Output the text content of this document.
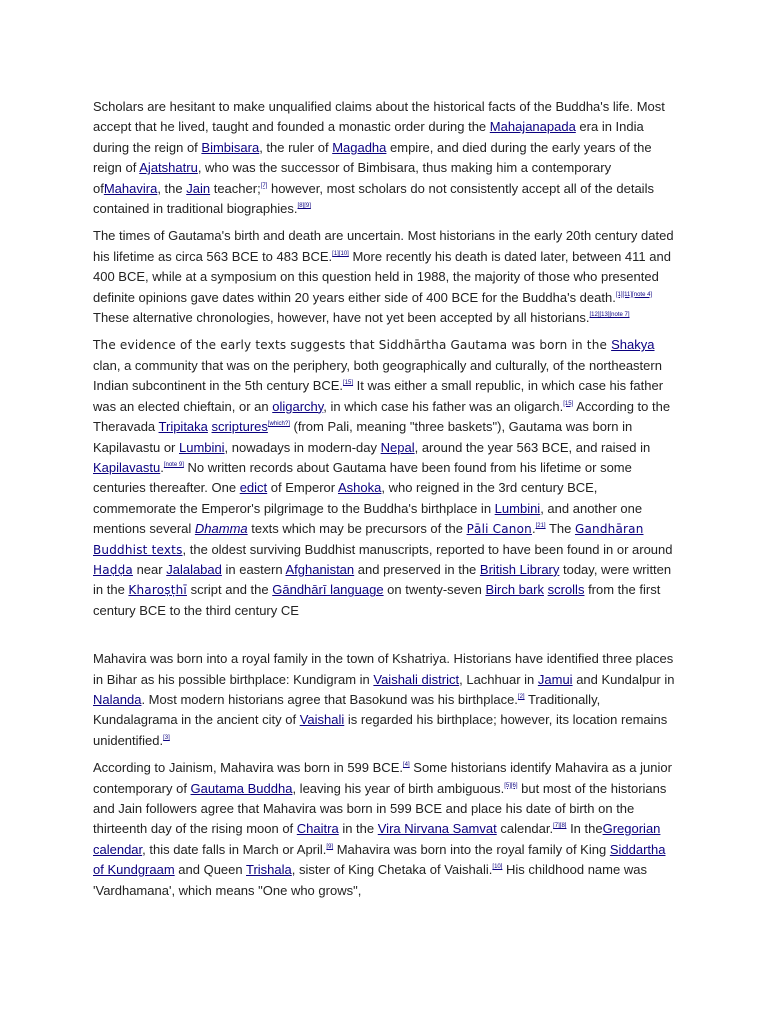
Scholars are hesitant to make unqualified claims about the historical facts of the Buddha's life. Most accept that he lived, taught and founded a monastic order during the Mahajanapada era in India during the reign of Bimbisara, the ruler of Magadha empire, and died during the early years of the reign of Ajatshatru, who was the successor of Bimbisara, thus making him a contemporary ofMahavira, the Jain teacher;[7] however, most scholars do not consistently accept all of the details contained in traditional biographies.[8][9]

The times of Gautama's birth and death are uncertain. Most historians in the early 20th century dated his lifetime as circa 563 BCE to 483 BCE.[1][10] More recently his death is dated later, between 411 and 400 BCE, while at a symposium on this question held in 1988, the majority of those who presented definite opinions gave dates within 20 years either side of 400 BCE for the Buddha's death.[1][11][note 4] These alternative chronologies, however, have not yet been accepted by all historians.[12][13][note 7]

The evidence of the early texts suggests that Siddhārtha Gautama was born in the Shakya clan, a community that was on the periphery, both geographically and culturally, of the northeastern Indian subcontinent in the 5th century BCE.[15] It was either a small republic, in which case his father was an elected chieftain, or an oligarchy, in which case his father was an oligarch.[15] According to the Theravada Tripitaka scriptures[which?] (from Pali, meaning "three baskets"), Gautama was born in Kapilavastu or Lumbini, nowadays in modern-day Nepal, around the year 563 BCE, and raised in Kapilavastu.[note 9] No written records about Gautama have been found from his lifetime or some centuries thereafter. One edict of Emperor Ashoka, who reigned in the 3rd century BCE, commemorate the Emperor's pilgrimage to the Buddha's birthplace in Lumbini, and another one mentions several Dhamma texts which may be precursors of the Pāli Canon.[21] The Gandhāran Buddhist texts, the oldest surviving Buddhist manuscripts, reported to have been found in or around Haḍḍa near Jalalabad in eastern Afghanistan and preserved in the British Library today, were written in the Kharoṣṭhī script and the Gāndhārī language on twenty-seven Birch bark scrolls from the first century BCE to the third century CE

Mahavira was born into a royal family in the town of Kshatriya. Historians have identified three places in Bihar as his possible birthplace: Kundigram in Vaishali district, Lachhuar in Jamui and Kundalpur in Nalanda. Most modern historians agree that Basokund was his birthplace.[2] Traditionally, Kundalagrama in the ancient city of Vaishali is regarded his birthplace; however, its location remains unidentified.[3]

According to Jainism, Mahavira was born in 599 BCE.[4] Some historians identify Mahavira as a junior contemporary of Gautama Buddha, leaving his year of birth ambiguous.[5][6] but most of the historians and Jain followers agree that Mahavira was born in 599 BCE and place his date of birth on the thirteenth day of the rising moon of Chaitra in the Vira Nirvana Samvat calendar.[7][8] In theGregorian calendar, this date falls in March or April.[9] Mahavira was born into the royal family of King Siddartha of Kundgraam and Queen Trishala, sister of King Chetaka of Vaishali.[10] His childhood name was 'Vardhamana', which means "One who grows",
